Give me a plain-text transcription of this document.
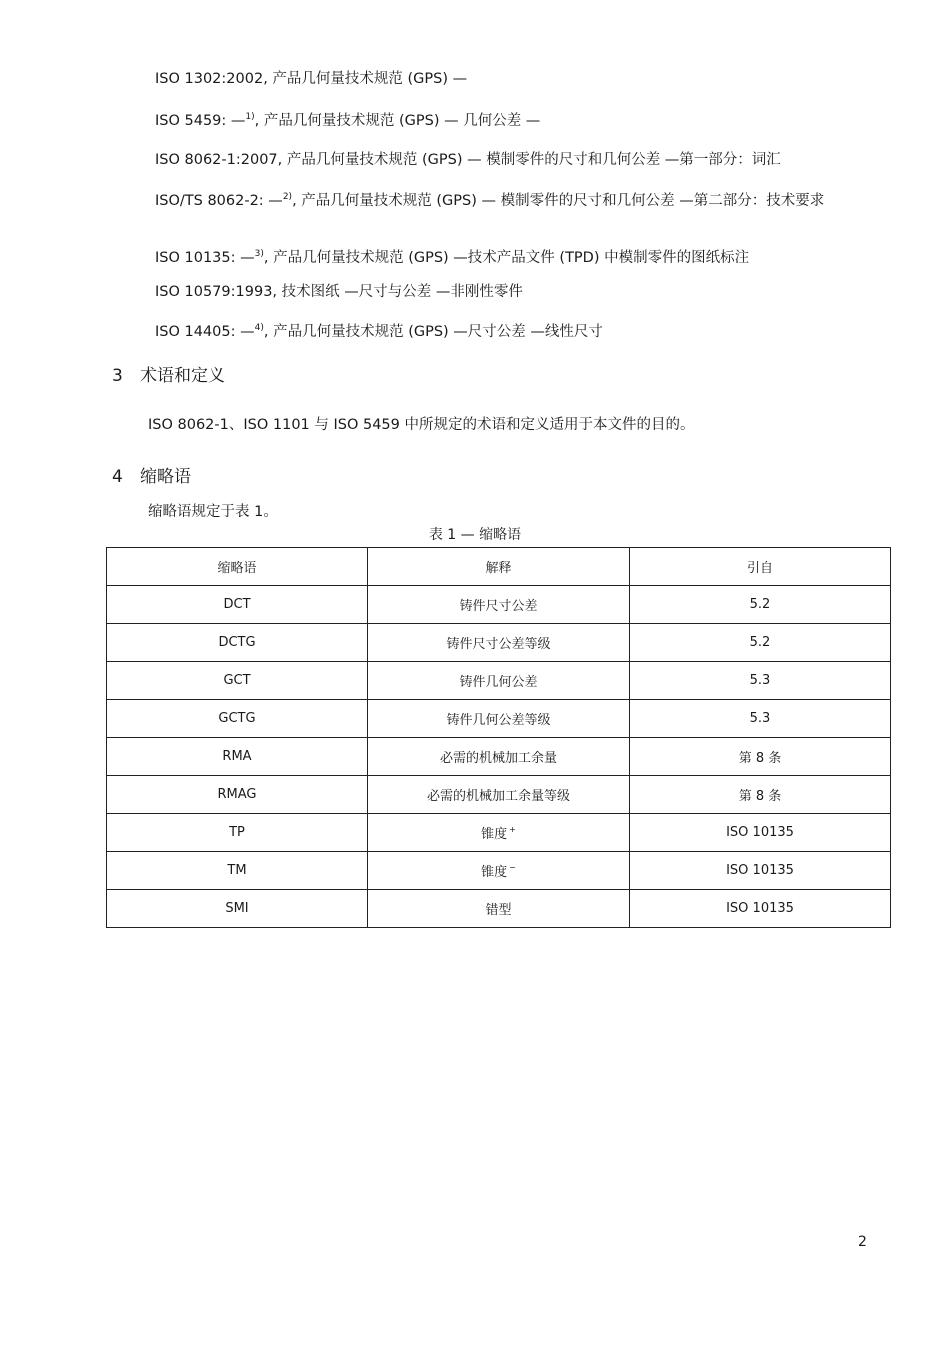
ISO 1302:2002, 产品几何量技术规范 (GPS) —
ISO 5459: —$^{1)}$, 产品几何量技术规范 (GPS) — 几何公差 —
ISO 8062-1:2007, 产品几何量技术规范 (GPS) — 模制零件的尺寸和几何公差 —第一部分：词汇
ISO/TS 8062-2: —$^{2)}$, 产品几何量技术规范 (GPS) — 模制零件的尺寸和几何公差 —第二部分：技术要求
ISO 10135: —$^{3)}$, 产品几何量技术规范 (GPS) —技术产品文件 (TPD) 中模制零件的图纸标注
ISO 10579:1993, 技术图纸 —尺寸与公差 —非刚性零件
ISO 14405: —$^{4)}$, 产品几何量技术规范 (GPS) —尺寸公差 —线性尺寸
3 术语和定义
ISO 8062-1、ISO 1101 与 ISO 5459 中所规定的术语和定义适用于本文件的目的。
4 缩略语
缩略语规定于表 1。
表 1 — 缩略语
缩略语	解释	引自
DCT	铸件尺寸公差	5.2
DCTG	铸件尺寸公差等级	5.2
GCT	铸件几何公差	5.3
GCTG	铸件几何公差等级	5.3
RMA	必需的机械加工余量	第 8 条
RMAG	必需的机械加工余量等级	第 8 条
TP	锥度 +	ISO 10135
TM	锥度 −	ISO 10135
SMI	错型	ISO 10135
2
